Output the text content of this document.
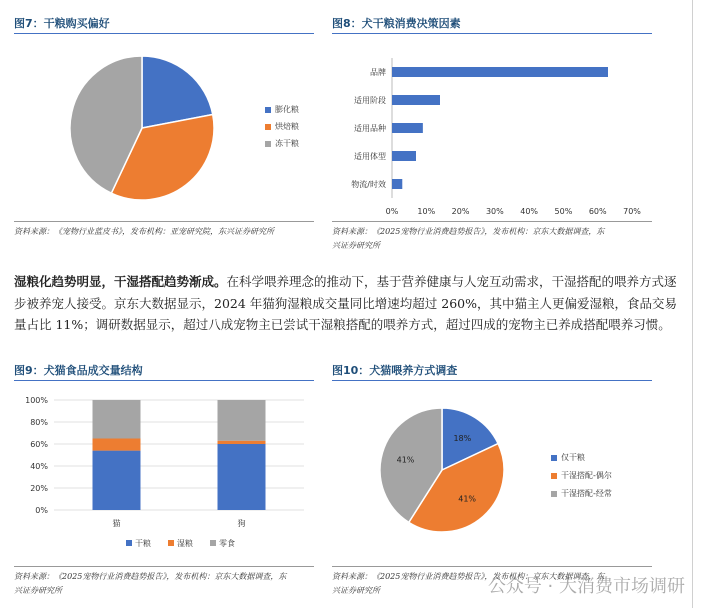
图7：干粮购买偏好
膨化粮
烘焙粮
冻干粮
资料来源：《宠物行业蓝皮书》，发布机构：亚宠研究院，东兴证券研究所
图8：犬干粮消费决策因素
品牌
适用阶段
适用品种
适用体型
物流/时效
0% 10% 20% 30% 40% 50% 60% 70%
资料来源：《2025宠物行业消费趋势报告》，发布机构：京东大数据调查，东
兴证券研究所
湿粮化趋势明显，干湿搭配趋势渐成。在科学喂养理念的推动下，基于营养健康与人宠互动需求，干湿搭配的喂养方式逐步被养宠人接受。京东大数据显示，2024 年猫狗湿粮成交量同比增速均超过 260%，其中猫主人更偏爱湿粮，食品交易量占比 11%；调研数据显示，超过八成宠物主已尝试干湿粮搭配的喂养方式，超过四成的宠物主已养成搭配喂养习惯。
图9：犬猫食品成交量结构
0%
20%
40%
60%
80%
100%
猫	狗
干粮	湿粮	零食
资料来源：《2025宠物行业消费趋势报告》，发布机构：京东大数据调查，东
兴证券研究所
图10：犬猫喂养方式调查
18%
41%
41%	仅干粮
干湿搭配-偶尔
干湿搭配-经常
资料来源：《2025宠物行业消费趋势报告》，发布机构：京东大数据调查，东
兴证券研究所	公众号 · 大消费市场调研
